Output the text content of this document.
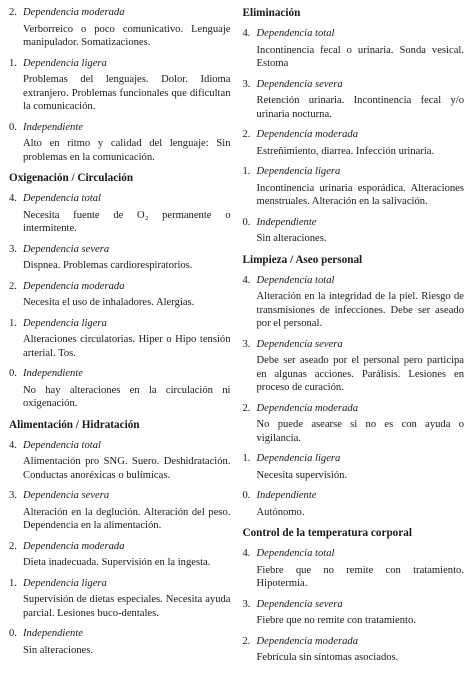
2. Dependencia moderada
Verborreico o poco comunicativo. Lenguaje manipulador. Somatizaciones.
1. Dependencia ligera
Problemas del lenguajes. Dolor. Idioma extranjero. Problemas funcionales que dificultan la comunicación.
0. Independiente
Alto en ritmo y calidad del lenguaje: Sin problemas en la comunicación.
Oxigenación / Circulación
4. Dependencia total
Necesita fuente de O₂ permanente o intermitente.
3. Dependencia severa
Dispnea. Problemas cardiorespiratorios.
2. Dependencia moderada
Necesita el uso de inhaladores. Alergias.
1. Dependencia ligera
Alteraciones circulatorias. Hiper o Hipo tensión arterial. Tos.
0. Independiente
No hay alteraciones en la circulación ni oxigenación.
Alimentación / Hidratación
4. Dependencia total
Alimentación pro SNG. Suero. Deshidratación. Conductas anoréxicas o bulímicas.
3. Dependencia severa
Alteración en la deglución. Alteración del peso. Dependencia en la alimentación.
2. Dependencia moderada
Dieta inadecuada. Supervisión en la ingesta.
1. Dependencia ligera
Supervisión de dietas especiales. Necesita ayuda parcial. Lesiones buco-dentales.
0. Independiente
Sin alteraciones.
Eliminación
4. Dependencia total
Incontinencia fecal o urinaria. Sonda vesical. Estoma
3. Dependencia severa
Retención urinaria. Incontinencia fecal y/o urinaria nocturna.
2. Dependencia moderada
Estreñimiento, diarrea. Infección urinaria.
1. Dependencia ligera
Incontinencia urinaria esporádica. Alteraciones menstruales. Alteración en la salivación.
0. Independiente
Sin alteraciones.
Limpieza / Aseo personal
4. Dependencia total
Alteración en la integridad de la piel. Riesgo de transmisiones de infecciones. Debe ser aseado por el personal.
3. Dependencia severa
Debe ser aseado por el personal pero participa en algunas acciones. Parálisis. Lesiones en proceso de curación.
2. Dependencia moderada
No puede asearse si no es con ayuda o vigilancia.
1. Dependencia ligera
Necesita supervisión.
0. Independiente
Autónomo.
Control de la temperatura corporal
4. Dependencia total
Fiebre que no remite con tratamiento. Hipotermia.
3. Dependencia severa
Fiebre que no remite con tratamiento.
2. Dependencia moderada
Febrícula sin síntomas asociados.
